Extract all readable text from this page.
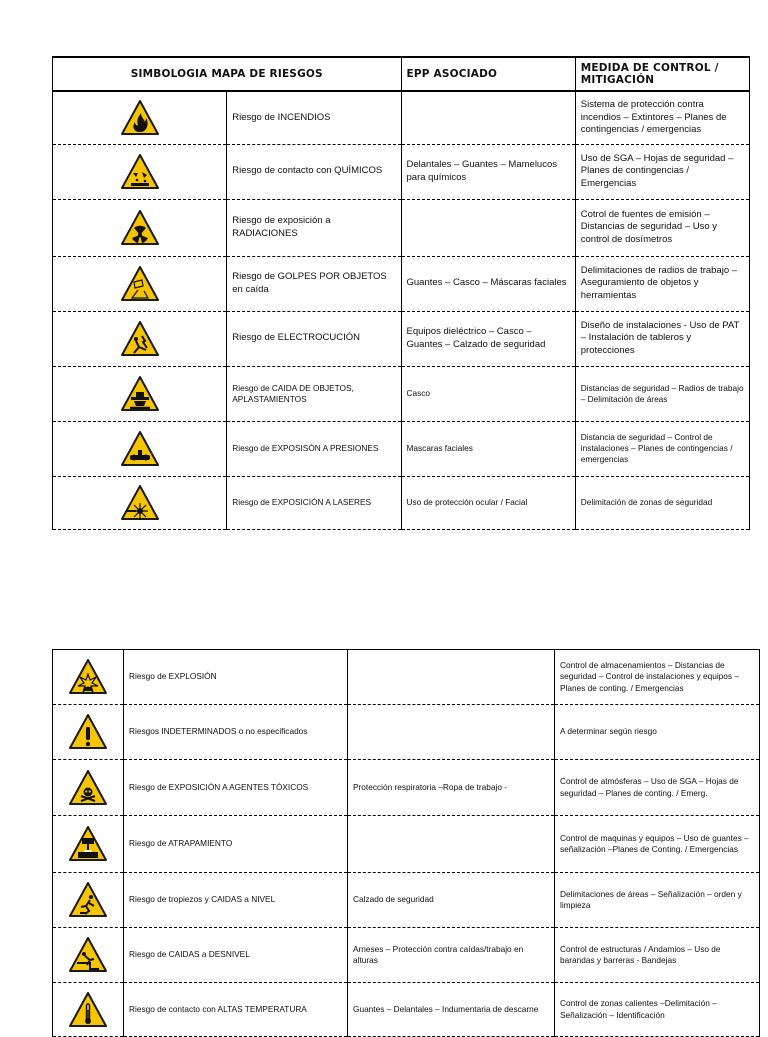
SIMBOLOGIA MAPA DE RIESGOS		EPP ASOCIADO	MEDIDA DE CONTROL / MITIGACIÓN

	Riesgo de INCENDIOS		Sistema de protección contra incendios – Extintores – Planes de contingencias / emergencias

	Riesgo de contacto con QUÍMICOS	Delantales – Guantes – Mamelucos para químicos	Uso de SGA – Hojas de seguridad – Planes de contingencias / Emergencias

	Riesgo de exposición a RADIACIONES		Cotrol de fuentes de emisión – Distancias de seguridad – Uso y control de dosímetros

	Riesgo de GOLPES POR OBJETOS en caída	Guantes – Casco – Máscaras faciales	Delimitaciones de radios de trabajo – Aseguramiento de objetos y herramientas

	Riesgo de ELECTROCUCIÓN	Equipos dieléctrico – Casco – Guantes – Calzado de seguridad	Diseño de instalaciones - Uso de PAT – Instalación de tableros y protecciones

	Riesgo de CAIDA DE OBJETOS, APLASTAMIENTOS	Casco	Distancias de seguridad – Radios de trabajo – Delimitación de áreas

	Riesgo de EXPOSISÓN A PRESIONES	Mascaras faciales	Distancia de seguridad – Control de instalaciones – Planes de contingencias / emergencias

	Riesgo de EXPOSICIÓN A LASERES	Uso de protección ocular / Facial	Delimitación de zonas de seguridad
	Riesgo de EXPLOSIÓN		Control de almacenamientos – Distancias de seguridad – Control de instalaciones y equipos – Planes de conting. / Emergencias

	Riesgos INDETERMINADOS o no especificados		A determinar según riesgo

	Riesgo de EXPOSICIÓN A AGENTES TÓXICOS	Protección respiratoria –Ropa de trabajo -	Control de atmósferas – Uso de SGA – Hojas de seguridad – Planes de conting. / Emerg.

	Riesgo de ATRAPAMIENTO		Control de maquinas y equipos – Uso de guantes –señalización –Planes de Conting. / Emergencias

	Riesgo de tropiezos y CAIDAS a NIVEL	Calzado de seguridad	Delimitaciones de áreas – Señalización – orden y limpieza

	Riesgo de CAIDAS a DESNIVEL	Arneses – Protección contra caídas/trabajo en alturas	Control de estructuras / Andamios – Uso de barandas y barreras - Bandejas

	Riesgo de contacto con ALTAS TEMPERATURA	Guantes – Delantales – Indumentaria de descarne	Control de zonas calientes –Delimitación – Señalización – Identificación
